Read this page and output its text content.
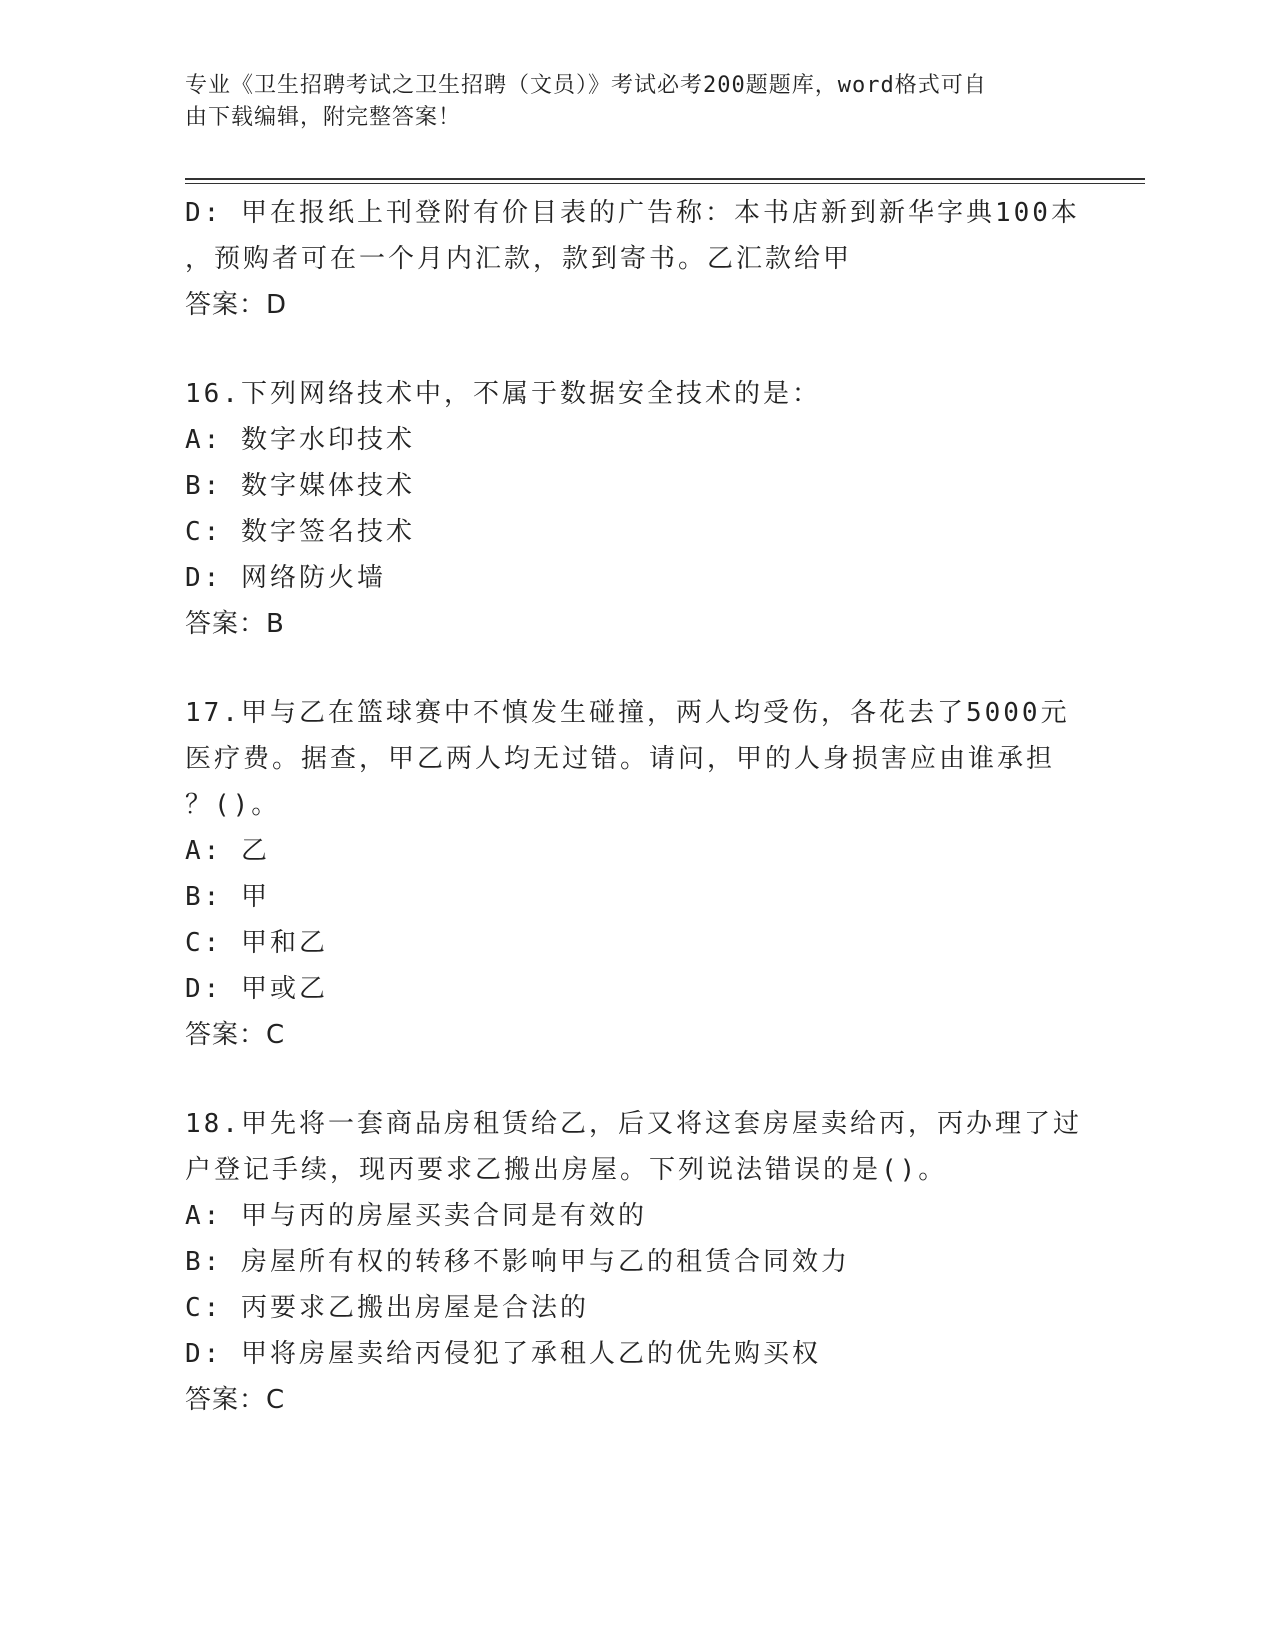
专业《卫生招聘考试之卫生招聘（文员）》考试必考200题题库，word格式可自
由下载编辑，附完整答案！
D: 甲在报纸上刊登附有价目表的广告称：本书店新到新华字典100本
，预购者可在一个月内汇款，款到寄书。乙汇款给甲
答案：D
16.下列网络技术中，不属于数据安全技术的是：
A: 数字水印技术
B: 数字媒体技术
C: 数字签名技术
D: 网络防火墙
答案：B
17.甲与乙在篮球赛中不慎发生碰撞，两人均受伤，各花去了5000元
医疗费。据查，甲乙两人均无过错。请问，甲的人身损害应由谁承担
？()。
A: 乙
B: 甲
C: 甲和乙
D: 甲或乙
答案：C
18.甲先将一套商品房租赁给乙，后又将这套房屋卖给丙，丙办理了过
户登记手续，现丙要求乙搬出房屋。下列说法错误的是()。
A: 甲与丙的房屋买卖合同是有效的
B: 房屋所有权的转移不影响甲与乙的租赁合同效力
C: 丙要求乙搬出房屋是合法的
D: 甲将房屋卖给丙侵犯了承租人乙的优先购买权
答案：C
